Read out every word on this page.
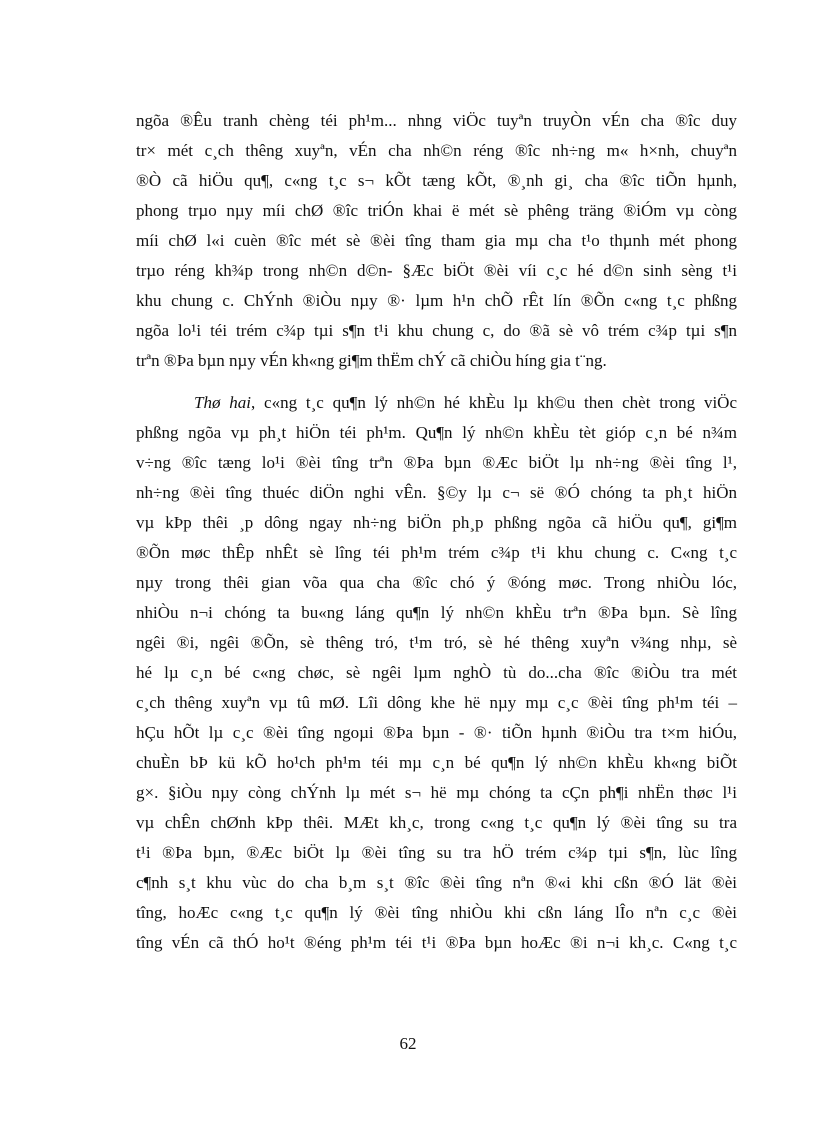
ngõa ®Êu tranh chèng téi ph¹m... nhng viÖc tuyªn truyÒn vÉn cha ®îc duy
tr× mét c¸ch thêng xuyªn, vÉn cha nh©n réng ®îc nh÷ng m« h×nh, chuyªn
®Ò cã hiÖu qu¶, c«ng t¸c s¬ kÕt tæng kÕt, ®¸nh gi¸ cha ®îc tiÕn hµnh,
phong trµo nµy míi chØ ®îc triÓn khai ë mét sè phêng träng ®iÓm vµ còng
míi chØ l«i cuèn ®îc mét sè ®èi tîng tham gia mµ cha t¹o thµnh mét phong
trµo réng kh¾p trong nh©n d©n- §Æc biÖt ®èi víi c¸c hé d©n sinh sèng t¹i
khu chung c. ChÝnh ®iÒu nµy ®· lµm h¹n chÕ rÊt lín ®Õn c«ng t¸c phßng
ngõa lo¹i téi trém c¾p tµi s¶n t¹i khu chung c, do ®ã sè vô trém c¾p tµi s¶n
trªn ®Þa bµn nµy vÉn kh«ng gi¶m thËm chÝ cã chiÒu híng gia t¨ng.

Thø hai, c«ng t¸c qu¶n lý nh©n hé khÈu lµ kh©u then chèt trong viÖc
phßng ngõa vµ ph¸t hiÖn téi ph¹m. Qu¶n lý nh©n khÈu tèt gióp c¸n bé n¾m
v÷ng ®îc tæng lo¹i ®èi tîng trªn ®Þa bµn ®Æc biÖt lµ nh÷ng ®èi tîng l¹,
nh÷ng ®èi tîng thuéc diÖn nghi vÊn. §©y lµ c¬ së ®Ó chóng ta ph¸t hiÖn
vµ kÞp thêi ¸p dông ngay nh÷ng biÖn ph¸p phßng ngõa cã hiÖu qu¶, gi¶m
®Õn møc thÊp nhÊt sè lîng téi ph¹m trém c¾p t¹i khu chung c. C«ng t¸c
nµy trong thêi gian võa qua cha ®îc chó ý ®óng møc. Trong nhiÒu lóc,
nhiÒu n¬i chóng ta bu«ng láng qu¶n lý nh©n khÈu trªn ®Þa bµn. Sè lîng
ngêi ®i, ngêi ®Õn, sè thêng tró, t¹m tró, sè hé thêng xuyªn v¾ng nhµ, sè
hé lµ c¸n bé c«ng chøc, sè ngêi lµm nghÒ tù do...cha ®îc ®iÒu tra mét
c¸ch thêng xuyªn vµ tû mØ. Lîi dông khe hë nµy mµ c¸c ®èi tîng ph¹m téi –
hÇu hÕt lµ c¸c ®èi tîng ngoµi ®Þa bµn - ®· tiÕn hµnh ®iÒu tra t×m hiÓu,
chuÈn bÞ kü kÕ ho¹ch ph¹m téi mµ c¸n bé qu¶n lý nh©n khÈu kh«ng biÕt
g×. §iÒu nµy còng chÝnh lµ mét s¬ hë mµ chóng ta cÇn ph¶i nhËn thøc l¹i
vµ chÊn chØnh kÞp thêi. MÆt kh¸c, trong c«ng t¸c qu¶n lý ®èi tîng su tra
t¹i ®Þa bµn, ®Æc biÖt lµ ®èi tîng su tra hÖ trém c¾p tµi s¶n, lùc lîng
c¶nh s¸t khu vùc do cha b¸m s¸t ®îc ®èi tîng nªn ®«i khi cßn ®Ó lät ®èi
tîng, hoÆc c«ng t¸c qu¶n lý ®èi tîng nhiÒu khi cßn láng lÎo nªn c¸c ®èi
tîng vÉn cã thÓ ho¹t ®éng ph¹m téi t¹i ®Þa bµn hoÆc ®i n¬i kh¸c. C«ng t¸c

62
